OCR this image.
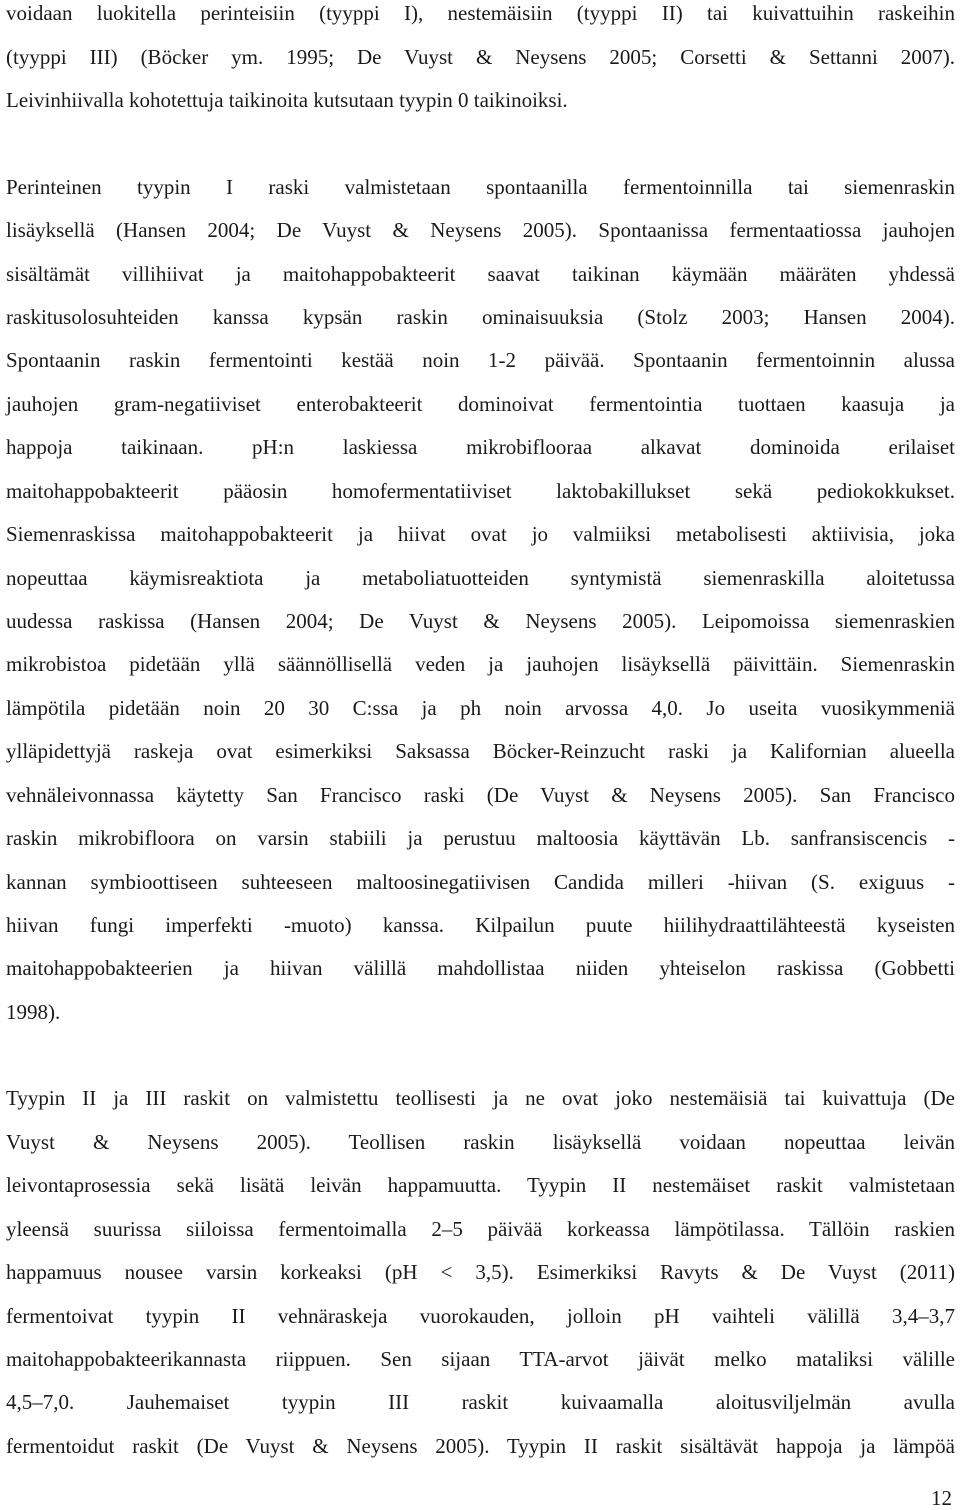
voidaan luokitella perinteisiin (tyyppi I), nestemäisiin (tyyppi II) tai kuivattuihin raskeihin
(tyyppi III) (Böcker ym. 1995; De Vuyst & Neysens 2005; Corsetti & Settanni 2007).
Leivinhiivalla kohotettuja taikinoita kutsutaan tyypin 0 taikinoiksi.
Perinteinen tyypin I raski valmistetaan spontaanilla fermentoinnilla tai siemenraskin
lisäyksellä (Hansen 2004; De Vuyst & Neysens 2005). Spontaanissa fermentaatiossa jauhojen
sisältämät villihiivat ja maitohappobakteerit saavat taikinan käymään määräten yhdessä
raskitusolosuhteiden kanssa kypsän raskin ominaisuuksia (Stolz 2003; Hansen 2004).
Spontaanin raskin fermentointi kestää noin 1-2 päivää. Spontaanin fermentoinnin alussa
jauhojen gram-negatiiviset enterobakteerit dominoivat fermentointia tuottaen kaasuja ja
happoja taikinaan. pH:n laskiessa mikrobiflooraa alkavat dominoida erilaiset
maitohappobakteerit pääosin homofermentatiiviset laktobakillukset sekä pediokokkukset.
Siemenraskissa maitohappobakteerit ja hiivat ovat jo valmiiksi metabolisesti aktiivisia, joka
nopeuttaa käymisreaktiota ja metaboliatuotteiden syntymistä siemenraskilla aloitetussa
uudessa raskissa (Hansen 2004; De Vuyst & Neysens 2005). Leipomoissa siemenraskien
mikrobistoa pidetään yllä säännöllisellä veden ja jauhojen lisäyksellä päivittäin. Siemenraskin
lämpötila pidetään noin 20 30 C:ssa ja ph noin arvossa 4,0. Jo useita vuosikymmeniä
ylläpidettyjä raskeja ovat esimerkiksi Saksassa Böcker-Reinzucht raski ja Kalifornian alueella
vehnäleivonnassa käytetty San Francisco raski (De Vuyst & Neysens 2005). San Francisco
raskin mikrobifloora on varsin stabiili ja perustuu maltoosia käyttävän Lb. sanfransiscencis -
kannan symbioottiseen suhteeseen maltoosinegatiivisen Candida milleri -hiivan (S. exiguus -
hiivan fungi imperfekti -muoto) kanssa. Kilpailun puute hiilihydraattilähteestä kyseisten
maitohappobakteerien ja hiivan välillä mahdollistaa niiden yhteiselon raskissa (Gobbetti
1998).
Tyypin II ja III raskit on valmistettu teollisesti ja ne ovat joko nestemäisiä tai kuivattuja (De
Vuyst & Neysens 2005). Teollisen raskin lisäyksellä voidaan nopeuttaa leivän
leivontaprosessia sekä lisätä leivän happamuutta. Tyypin II nestemäiset raskit valmistetaan
yleensä suurissa siiloissa fermentoimalla 2–5 päivää korkeassa lämpötilassa. Tällöin raskien
happamuus nousee varsin korkeaksi (pH < 3,5). Esimerkiksi Ravyts & De Vuyst (2011)
fermentoivat tyypin II vehnäraskeja vuorokauden, jolloin pH vaihteli välillä 3,4–3,7
maitohappobakteerikannasta riippuen. Sen sijaan TTA-arvot jäivät melko mataliksi välille
4,5–7,0. Jauhemaiset tyypin III raskit kuivaamalla aloitusviljelmän avulla
fermentoidut raskit (De Vuyst & Neysens 2005). Tyypin II raskit sisältävät happoja ja lämpöä
12
